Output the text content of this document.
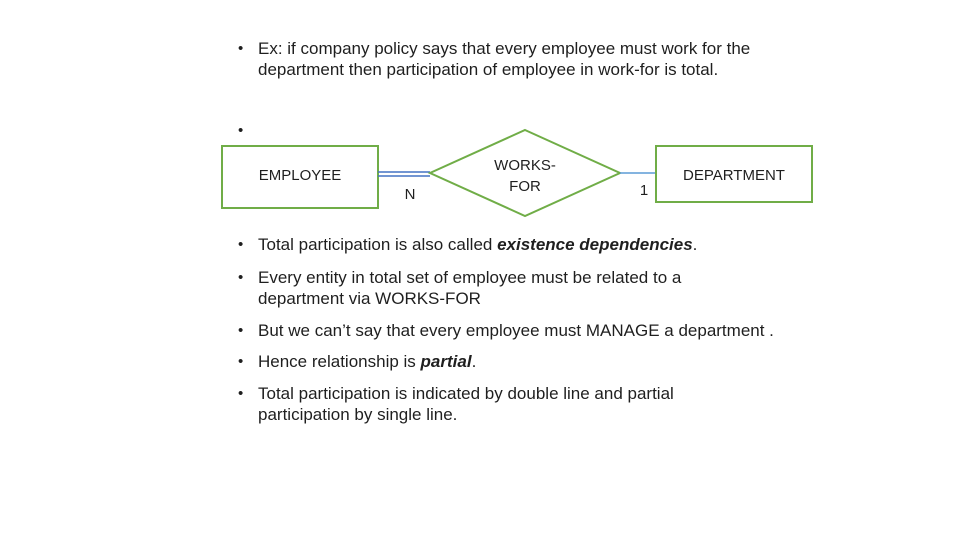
• Ex: if company policy says that every employee must work for the
department then participation of employee in work-for is total.
•
EMPLOYEE
WORKS-
FOR
DEPARTMENT
N	1
• Total participation is also called existence dependencies.
• Every entity in total set of employee must be related to a
department via WORKS-FOR
• But we can’t say that every employee must MANAGE a department .
• Hence relationship is partial.
• Total participation is indicated by double line and partial
participation by single line.
